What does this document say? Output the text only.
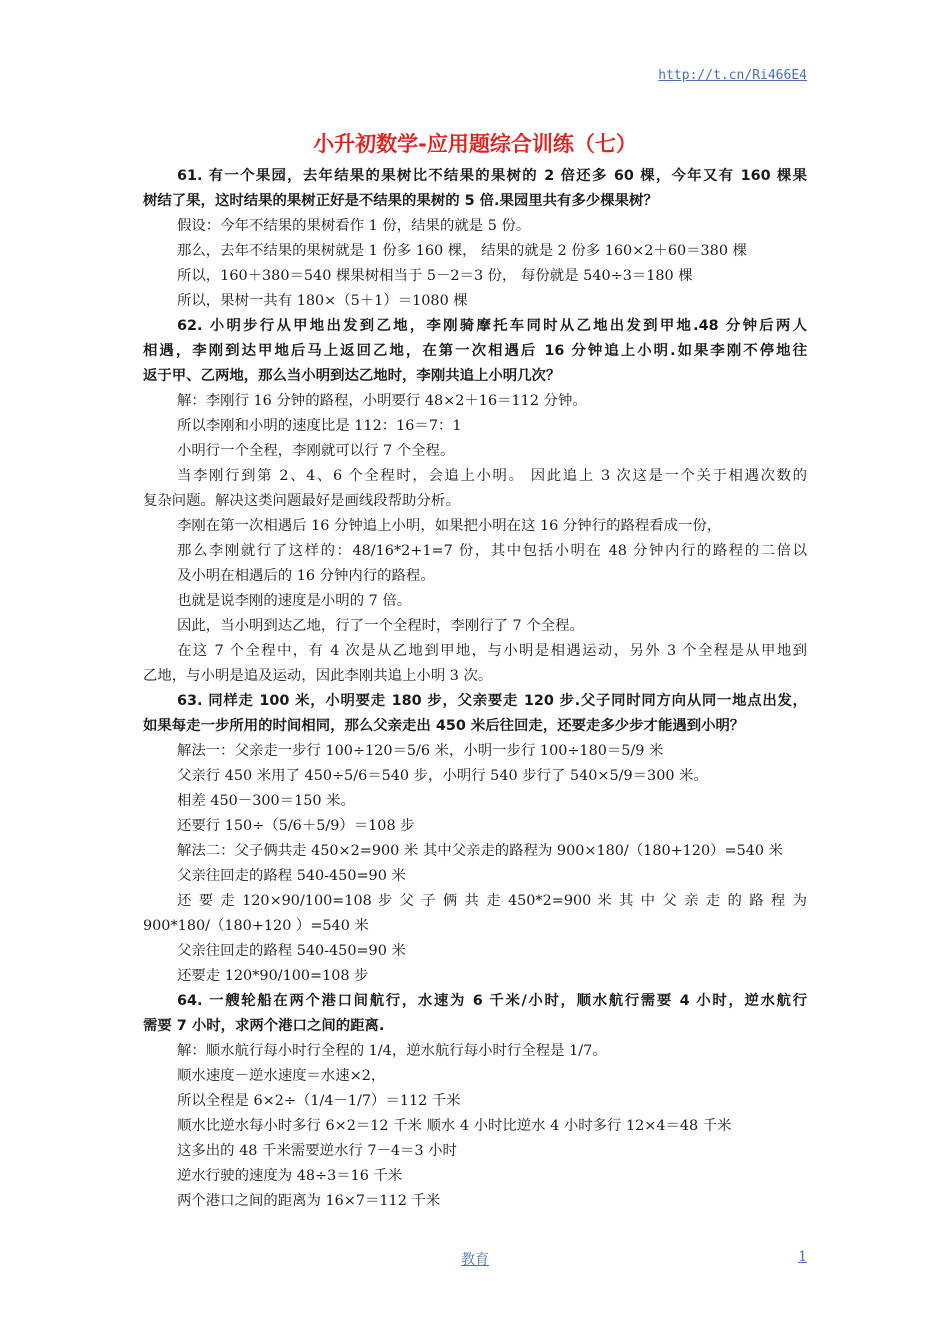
http://t.cn/Ri466E4
小升初数学-应用题综合训练（七）
61. 有一个果园，去年结果的果树比不结果的果树的 2 倍还多 60 棵，今年又有 160 棵果
树结了果，这时结果的果树正好是不结果的果树的 5 倍.果园里共有多少棵果树？
假设：今年不结果的果树看作 1 份，结果的就是 5 份。
那么，去年不结果的果树就是 1 份多 160 棵， 结果的就是 2 份多 160×2＋60＝380 棵
所以，160＋380＝540 棵果树相当于 5－2＝3 份， 每份就是 540÷3＝180 棵
所以，果树一共有 180×（5＋1）＝1080 棵
62. 小明步行从甲地出发到乙地，李刚骑摩托车同时从乙地出发到甲地.48 分钟后两人
相遇，李刚到达甲地后马上返回乙地，在第一次相遇后 16 分钟追上小明.如果李刚不停地往
返于甲、乙两地，那么当小明到达乙地时，李刚共追上小明几次？
解：李刚行 16 分钟的路程，小明要行 48×2＋16＝112 分钟。
所以李刚和小明的速度比是 112：16＝7：1
小明行一个全程，李刚就可以行 7 个全程。
当李刚行到第 2、4、6 个全程时，会追上小明。 因此追上 3 次这是一个关于相遇次数的
复杂问题。解决这类问题最好是画线段帮助分析。
李刚在第一次相遇后 16 分钟追上小明，如果把小明在这 16 分钟行的路程看成一份，
那么李刚就行了这样的：48/16*2+1=7 份，其中包括小明在 48 分钟内行的路程的二倍以
及小明在相遇后的 16 分钟内行的路程。
也就是说李刚的速度是小明的 7 倍。
因此，当小明到达乙地，行了一个全程时，李刚行了 7 个全程。
在这 7 个全程中，有 4 次是从乙地到甲地，与小明是相遇运动，另外 3 个全程是从甲地到
乙地，与小明是追及运动，因此李刚共追上小明 3 次。
63. 同样走 100 米，小明要走 180 步，父亲要走 120 步.父子同时同方向从同一地点出发，
如果每走一步所用的时间相同，那么父亲走出 450 米后往回走，还要走多少步才能遇到小明？
解法一：父亲走一步行 100÷120＝5/6 米，小明一步行 100÷180＝5/9 米
父亲行 450 米用了 450÷5/6＝540 步，小明行 540 步行了 540×5/9＝300 米。
相差 450－300＝150 米。
还要行 150÷（5/6＋5/9）＝108 步
解法二：父子俩共走 450×2=900 米 其中父亲走的路程为 900×180/（180+120）=540 米
父亲往回走的路程 540-450=90 米
还 要 走 120×90/100=108 步 父 子 俩 共 走 450*2=900 米 其 中 父 亲 走 的 路 程 为
900*180/（180+120 ）=540 米
父亲往回走的路程 540-450=90 米
还要走 120*90/100=108 步
64. 一艘轮船在两个港口间航行，水速为 6 千米/小时，顺水航行需要 4 小时，逆水航行
需要 7 小时，求两个港口之间的距离.
解：顺水航行每小时行全程的 1/4，逆水航行每小时行全程是 1/7。
顺水速度－逆水速度＝水速×2，
所以全程是 6×2÷（1/4－1/7）＝112 千米
顺水比逆水每小时多行 6×2＝12 千米 顺水 4 小时比逆水 4 小时多行 12×4＝48 千米
这多出的 48 千米需要逆水行 7－4＝3 小时
逆水行驶的速度为 48÷3＝16 千米
两个港口之间的距离为 16×7＝112 千米
教育	1
